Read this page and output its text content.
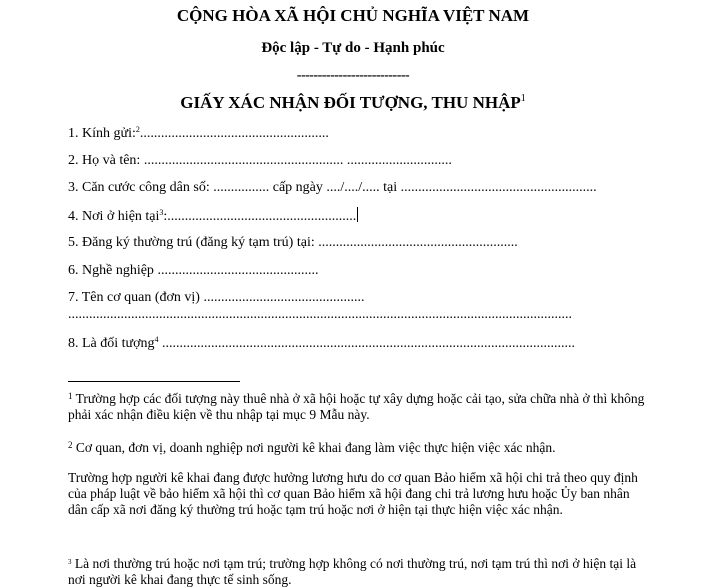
CỘNG HÒA XÃ HỘI CHỦ NGHĨA VIỆT NAM
Độc lập - Tự do - Hạnh phúc
---------------------------
GIẤY XÁC NHẬN ĐỐI TƯỢNG, THU NHẬP$^1$
1. Kính gửi:$^2$......................................................
2. Họ và tên: ......................................................... ..............................
3. Căn cước công dân số: ................ cấp ngày ..../..../..... tại ........................................................
4. Nơi ở hiện tại$^3$:......................................................
5. Đăng ký thường trú (đăng ký tạm trú) tại: .........................................................
6. Nghề nghiệp ..............................................
7. Tên cơ quan (đơn vị) ..............................................
................................................................................................................................................
8. Là đối tượng$^4$ ......................................................................................................................
$^1$ Trường hợp các đối tượng này thuê nhà ở xã hội hoặc tự xây dựng hoặc cải tạo, sửa chữa nhà ở thì không phải xác nhận điều kiện về thu nhập tại mục 9 Mẫu này.
$^2$ Cơ quan, đơn vị, doanh nghiệp nơi người kê khai đang làm việc thực hiện việc xác nhận.
Trường hợp người kê khai đang được hưởng lương hưu do cơ quan Bảo hiểm xã hội chi trả theo quy định của pháp luật về bảo hiểm xã hội thì cơ quan Bảo hiểm xã hội đang chi trả lương hưu hoặc Ủy ban nhân dân cấp xã nơi đăng ký thường trú hoặc tạm trú hoặc nơi ở hiện tại thực hiện việc xác nhận.
$^3$ Là nơi thường trú hoặc nơi tạm trú; trường hợp không có nơi thường trú, nơi tạm trú thì nơi ở hiện tại là nơi người kê khai đang thực tế sinh sống.
